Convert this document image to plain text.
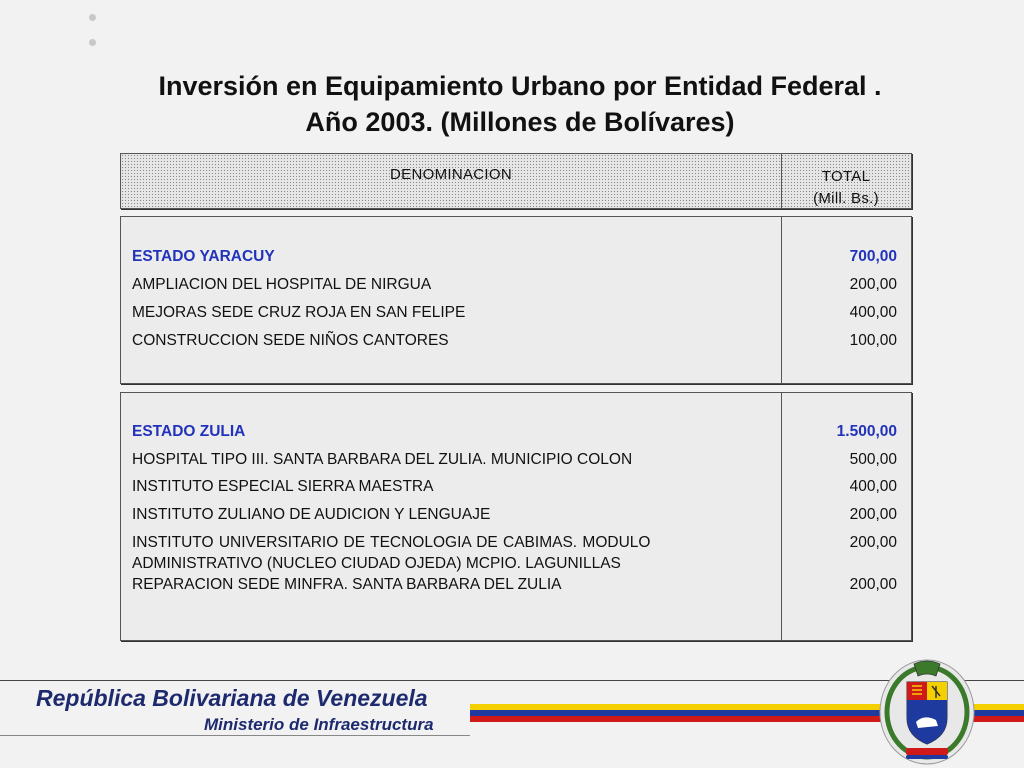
Inversión en Equipamiento Urbano por Entidad Federal .
Año 2003. (Millones de Bolívares)
DENOMINACION	TOTAL
(Mill. Bs.)
ESTADO YARACUY	700,00
AMPLIACION DEL HOSPITAL DE NIRGUA	200,00
MEJORAS SEDE CRUZ ROJA EN SAN FELIPE	400,00
CONSTRUCCION SEDE NIÑOS CANTORES	100,00
ESTADO ZULIA	1.500,00
HOSPITAL TIPO III. SANTA BARBARA DEL ZULIA. MUNICIPIO COLON	500,00
INSTITUTO ESPECIAL SIERRA MAESTRA	400,00
INSTITUTO ZULIANO DE AUDICION Y LENGUAJE	200,00
INSTITUTO UNIVERSITARIO DE TECNOLOGIA DE CABIMAS. MODULO	200,00
ADMINISTRATIVO (NUCLEO CIUDAD OJEDA) MCPIO. LAGUNILLAS
REPARACION SEDE MINFRA. SANTA BARBARA DEL ZULIA	200,00
República Bolivariana de Venezuela
Ministerio de Infraestructura
